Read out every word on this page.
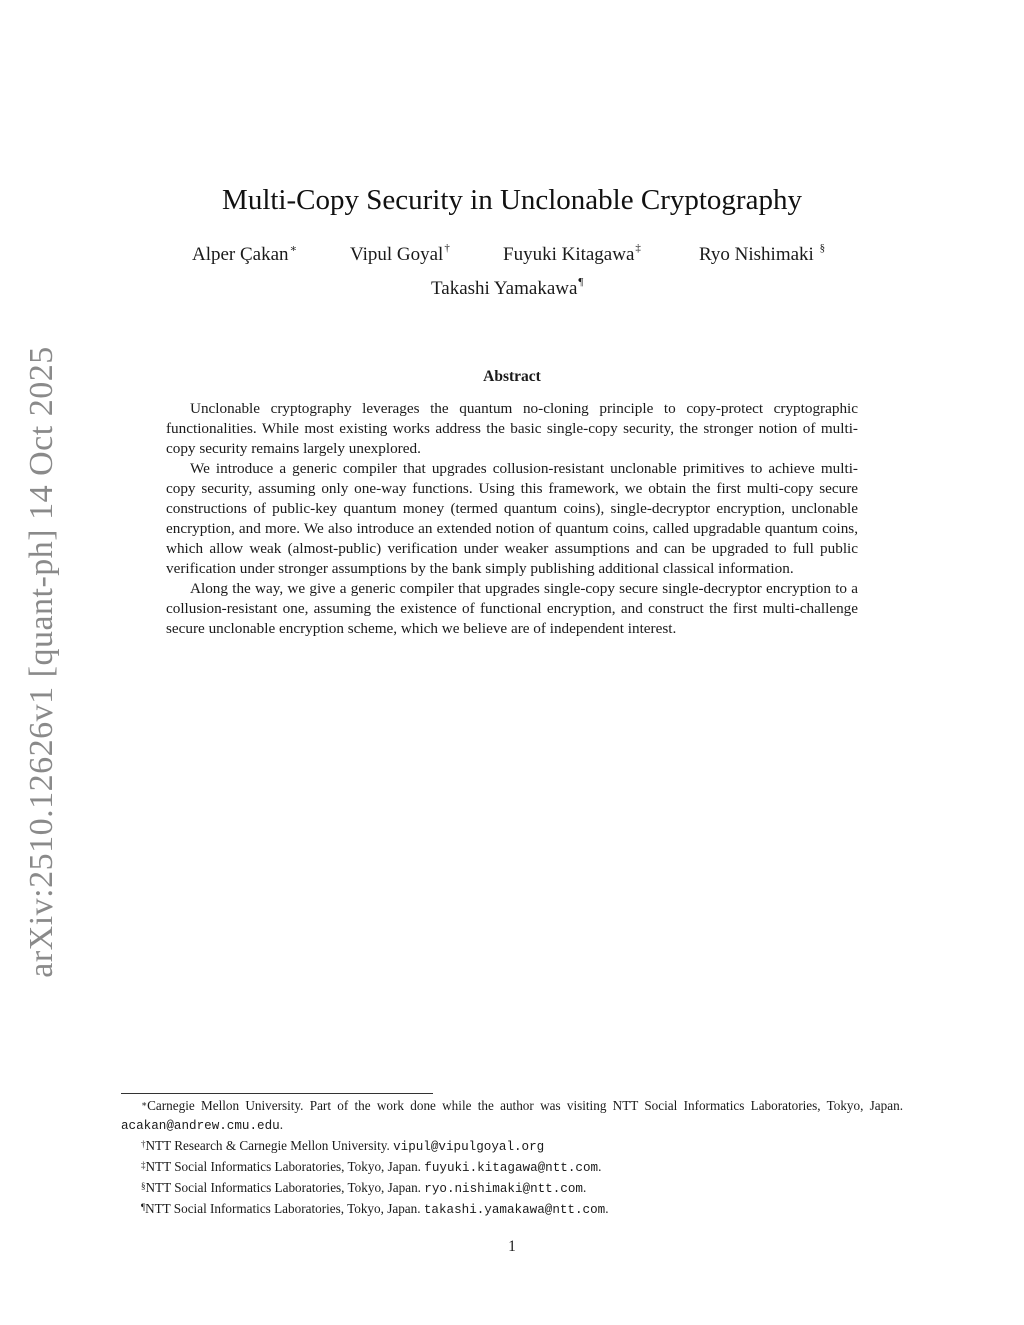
arXiv:2510.12626v1 [quant-ph] 14 Oct 2025
Multi-Copy Security in Unclonable Cryptography
Alper Çakan∗	Vipul Goyal†	Fuyuki Kitagawa‡	Ryo Nishimaki §
Takashi Yamakawa¶
Abstract

Unclonable cryptography leverages the quantum no-cloning principle to copy-protect cryptographic functionalities. While most existing works address the basic single-copy security, the stronger notion of multi-copy security remains largely unexplored.

We introduce a generic compiler that upgrades collusion-resistant unclonable primitives to achieve multi-copy security, assuming only one-way functions. Using this framework, we obtain the first multi-copy secure constructions of public-key quantum money (termed quantum coins), single-decryptor encryption, unclonable encryption, and more. We also introduce an extended notion of quantum coins, called upgradable quantum coins, which allow weak (almost-public) verification under weaker assumptions and can be upgraded to full public verification under stronger assumptions by the bank simply publishing additional classical information.

Along the way, we give a generic compiler that upgrades single-copy secure single-decryptor encryption to a collusion-resistant one, assuming the existence of functional encryption, and construct the first multi-challenge secure unclonable encryption scheme, which we believe are of independent interest.

∗Carnegie Mellon University. Part of the work done while the author was visiting NTT Social Informatics Laboratories, Tokyo, Japan. acakan@andrew.cmu.edu.

†NTT Research & Carnegie Mellon University. vipul@vipulgoyal.org

‡NTT Social Informatics Laboratories, Tokyo, Japan. fuyuki.kitagawa@ntt.com.

§NTT Social Informatics Laboratories, Tokyo, Japan. ryo.nishimaki@ntt.com.

¶NTT Social Informatics Laboratories, Tokyo, Japan. takashi.yamakawa@ntt.com.

1
